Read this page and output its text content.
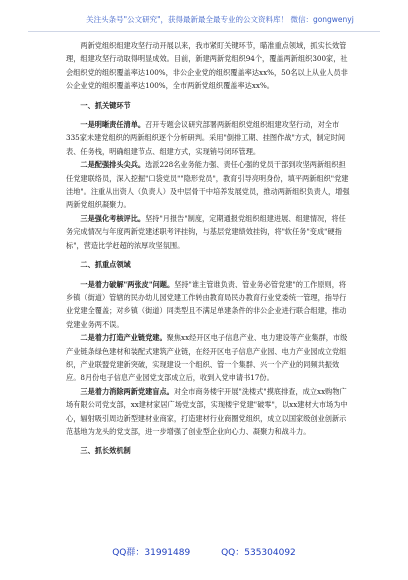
关注头条号"公文研究"，获得最新最全最专业的公文资料库！ 微信：gongwenyj

两新党组织组建攻坚行动开展以来，我市紧盯关键环节，瞄准重点领域，抓实长效管理，组建攻坚行动取得明显成效。目前，新建两新党组织94个，覆盖两新组织300家，社会组织党的组织覆盖率达100%，非公企业党的组织覆盖率达xx%，50名以上从业人员非公企业党的组织覆盖率达100%，全市两新党组织覆盖率达xx%。

一、抓关键环节

一是明晰责任清单。召开专题会议研究部署两新组织党组织组建攻坚行动，对全市335家未建党组织的两新组织逐个分析研判。采用"倒排工期、挂图作战"方式，制定时间表、任务栈，明确组建节点、组建方式，实现销号闭环管理。

二是配强排头尖兵。选派228名业务能力强、责任心强的党员干部到攻坚两新组织担任党建联络员，深入挖掘"口袋党员""隐形党员"，教育引导亮明身份，填平两新组织"党建洼地"。注重从出资人（负责人）及中层骨干中培养发展党员，推动两新组织负责人，增强两新党组织凝聚力。

三是强化考核评比。坚持"月报告"制度，定期通报党组织组建进展、组建情况，将任务完成情况与年度两新党建述职考评挂钩，与基层党建绩效挂钩，将"软任务"变成"硬指标"，营造比学赶超的浓厚攻坚氛围。

二、抓重点领域

一是着力破解"两张皮"问题。坚持"谁主管谁负责、管业务必管党建"的工作原则，将乡镇（街道）管辖的民办幼儿园党建工作转由教育局民办教育行业党委统一管理，指导行业党建全覆盖；对乡镇（街道）同类型且不满足单建条件的非公企业进行联合组建，推动党建业务两不误。

二是着力打造产业链党建。聚焦xx经开区电子信息产业、电力建设等产业集群，市级产业链条绿色建材和装配式建筑产业链，在经开区电子信息产业园、电力产业园成立党组织，产业联盟党建新突破，实现建设一个组织、管一个集群、兴一个产业的同频共振效应。8月份电子信息产业园党支部成立后，收到入党申请书17份。

三是着力消除两新党建盲点。对全市商务楼宇开展"洗楼式"摸底排查，成立xx购物广场有限公司党支部，xx建材家居广场党支部，实现楼宇党建"破零"，以xx建材大市场为中心，辐射吸引周边新型建材业商家，打造建材行业商圈党组织，成立以国家级创业创新示范基地为龙头的党支部，进一步增强了创业型企业向心力、凝聚力和战斗力。

三、抓长效机制

QQ群：31991489	QQ：535304092
